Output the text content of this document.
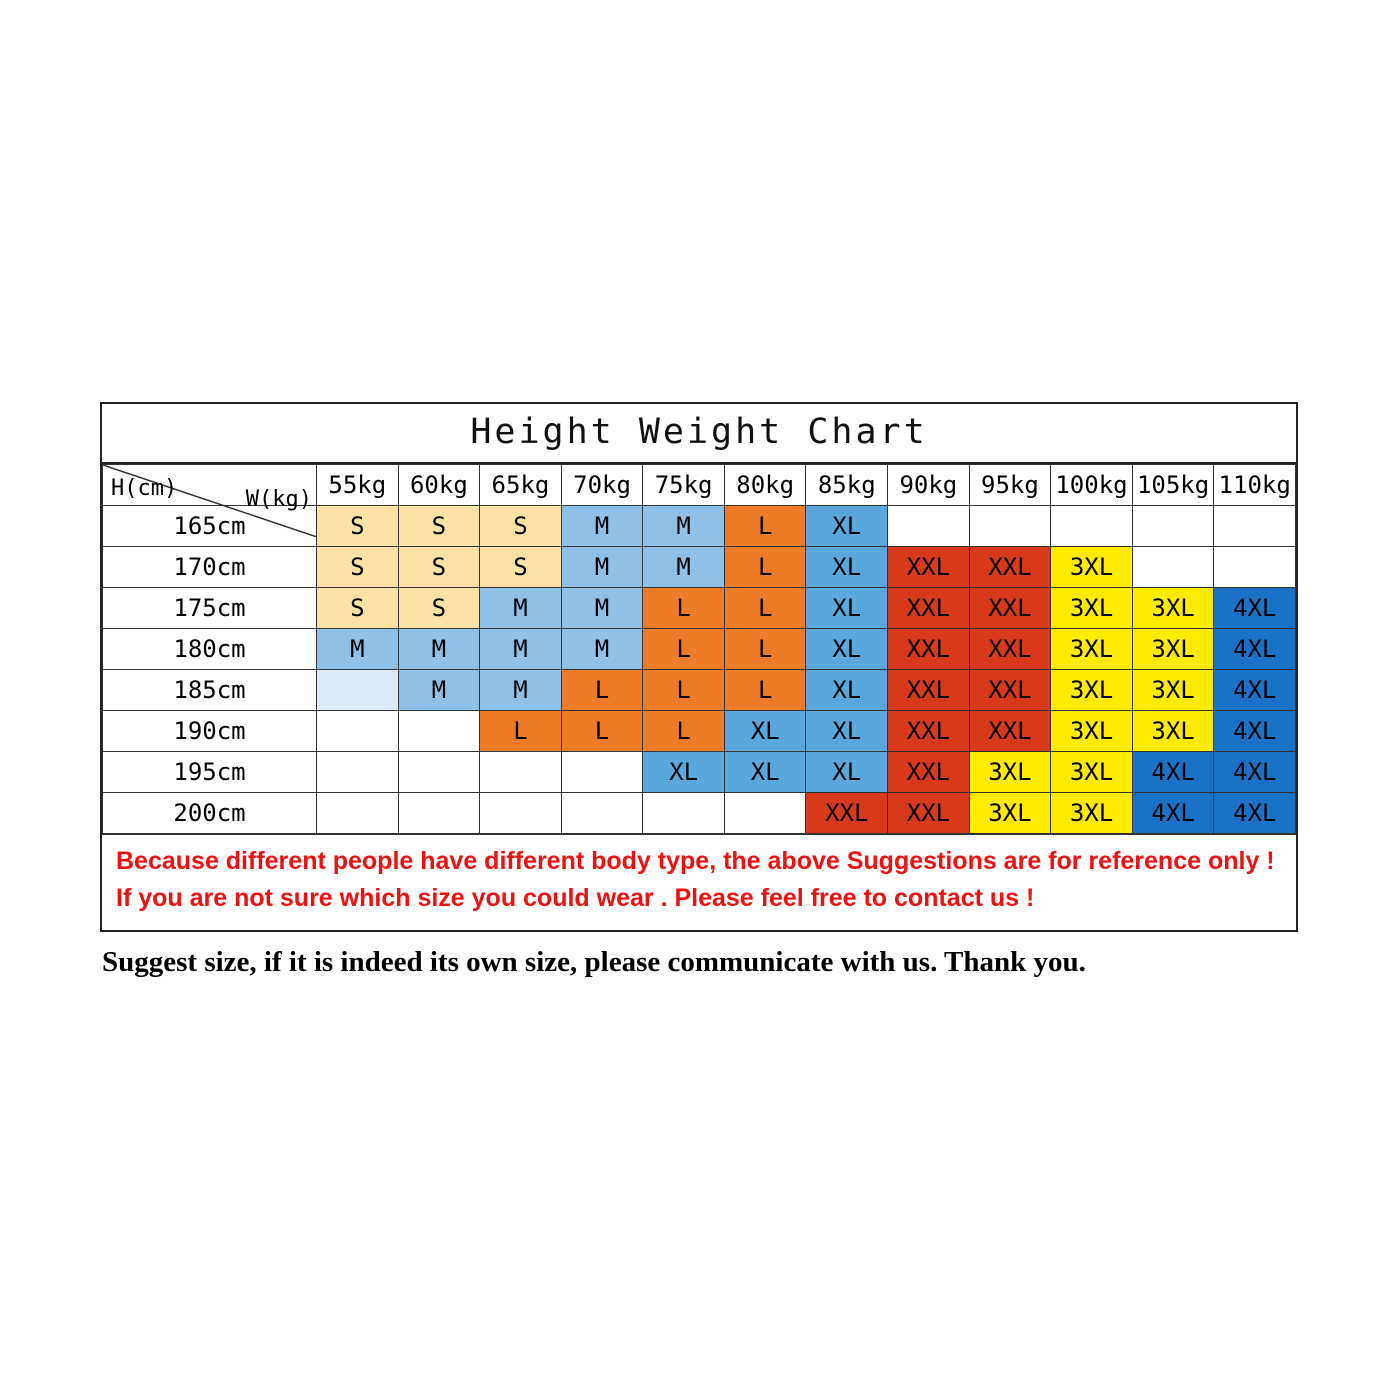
Height Weight Chart
H(cm) W(kg)	55kg	60kg	65kg	70kg	75kg	80kg	85kg	90kg	95kg	100kg	105kg	110kg
165cm	S	S	S	M	M	L	XL					
170cm	S	S	S	M	M	L	XL	XXL	XXL	3XL		
175cm	S	S	M	M	L	L	XL	XXL	XXL	3XL	3XL	4XL
180cm	M	M	M	M	L	L	XL	XXL	XXL	3XL	3XL	4XL
185cm		M	M	L	L	L	XL	XXL	XXL	3XL	3XL	4XL
190cm			L	L	L	XL	XL	XXL	XXL	3XL	3XL	4XL
195cm					XL	XL	XL	XXL	3XL	3XL	4XL	4XL
200cm							XXL	XXL	3XL	3XL	4XL	4XL

Because different people have different body type, the above Suggestions are for reference only !

If you are not sure which size you could wear . Please feel free to contact us !

Suggest size, if it is indeed its own size, please communicate with us. Thank you.
